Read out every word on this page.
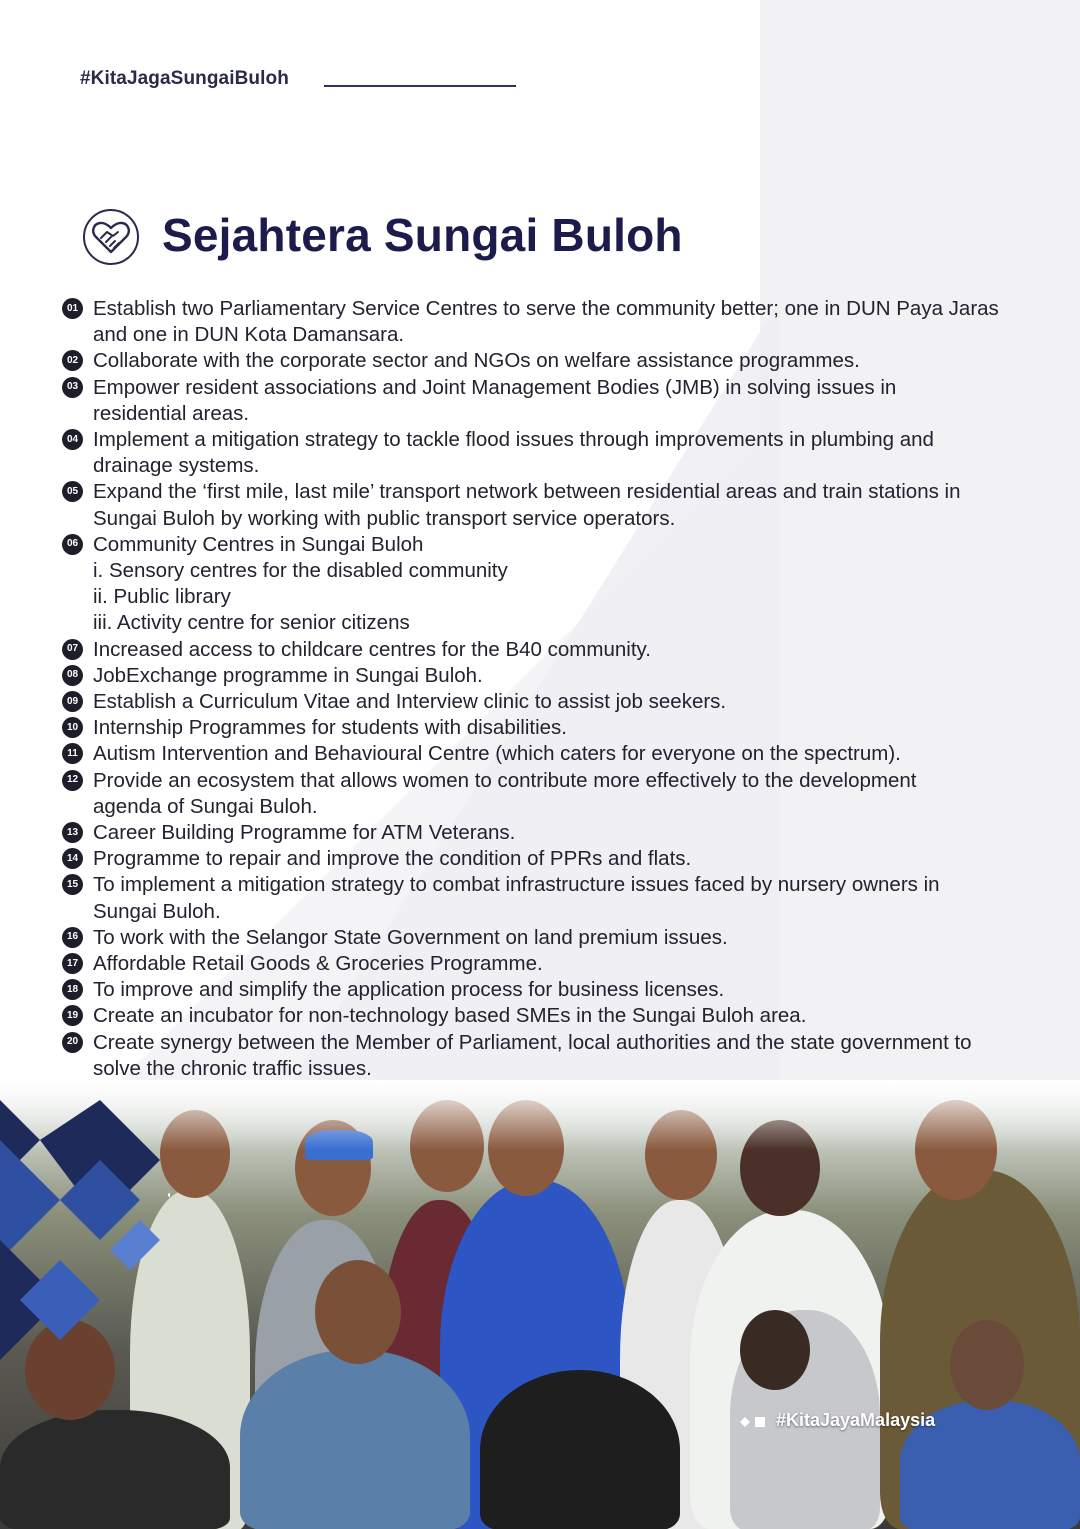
#KitaJagaSungaiBuloh
Sejahtera Sungai Buloh
01 Establish two Parliamentary Service Centres to serve the community better; one in DUN Paya Jaras
and one in DUN Kota Damansara.
02 Collaborate with the corporate sector and NGOs on welfare assistance programmes.
03 Empower resident associations and Joint Management Bodies (JMB) in solving issues in
residential areas.
04 Implement a mitigation strategy to tackle flood issues through improvements in plumbing and
drainage systems.
05 Expand the ‘first mile, last mile’ transport network between residential areas and train stations in
Sungai Buloh by working with public transport service operators.
06 Community Centres in Sungai Buloh
i. Sensory centres for the disabled community
ii. Public library
iii. Activity centre for senior citizens
07 Increased access to childcare centres for the B40 community.
08 JobExchange programme in Sungai Buloh.
09 Establish a Curriculum Vitae and Interview clinic to assist job seekers.
10 Internship Programmes for students with disabilities.
11 Autism Intervention and Behavioural Centre (which caters for everyone on the spectrum).
12 Provide an ecosystem that allows women to contribute more effectively to the development
agenda of Sungai Buloh.
13 Career Building Programme for ATM Veterans.
14 Programme to repair and improve the condition of PPRs and flats.
15 To implement a mitigation strategy to combat infrastructure issues faced by nursery owners in
Sungai Buloh.
16 To work with the Selangor State Government on land premium issues.
17 Affordable Retail Goods & Groceries Programme.
18 To improve and simplify the application process for business licenses.
19 Create an incubator for non-technology based SMEs in the Sungai Buloh area.
20 Create synergy between the Member of Parliament, local authorities and the state government to
solve the chronic traffic issues.
#KitaJayaMalaysia
